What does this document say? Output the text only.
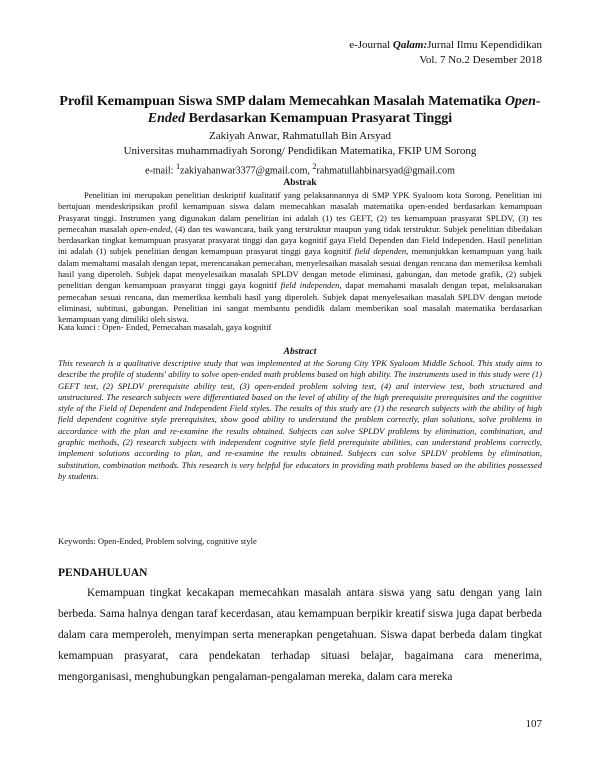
e-Journal Qalam:Jurnal Ilmu Kependidikan
Vol. 7 No.2 Desember 2018
Profil Kemampuan Siswa SMP dalam Memecahkan Masalah Matematika Open-Ended Berdasarkan Kemampuan Prasyarat Tinggi
Zakiyah Anwar, Rahmatullah Bin Arsyad
Universitas muhammadiyah Sorong/ Pendidikan Matematika, FKIP UM Sorong
e-mail: $^1$zakiyahanwar3377@gmail.com, $^2$rahmatullahbinarsyad@gmail.com
Abstrak

Penelitian ini merupakan penelitian deskriptif kualitatif yang pelaksannannya di SMP YPK Syaloom kota Sorong. Penelitian ini bertujuan mendeskripsikan profil kemampuan siswa dalam memecahkan masalah matematika open-ended berdasarkan kemampuan Prasyarat tinggi. Instrumen yang digunakan dalam penelitian ini adalah (1) tes GEFT, (2) tes kemampuan prasyarat SPLDV, (3) tes pemecahan masalah open-ended, (4) dan tes wawancara, baik yang terstruktur maupun yang tidak terstruktur. Subjek penelitian dibedakan berdasarkan tingkat kemampuan prasyarat prasyarat tinggi dan gaya kognitif gaya Field Dependen dan Field Independen. Hasil penelitian ini adalah (1) subjek penelitian dengan kemampuan prasyarat tinggi gaya kognitif field dependen, menunjukkan kemampuan yang baik dalam memahami masalah dengan tepat, merencanakan pemecahan, menyelesaikan masalah sesuai dengan rencana dan memeriksa kembali hasil yang diperoleh. Subjek dapat menyelesaikan masalah SPLDV dengan metode eliminasi, gabungan, dan metode grafik, (2) subjek penelitian dengan kemampuan prasyarat tinggi gaya kognitif field independen, dapat memahami masalah dengan tepat, melaksanakan pemecahan sesuai rencana, dan memeriksa kembali hasil yang diperoleh. Subjek dapat menyelesaikan masalah SPLDV dengan metode eliminasi, subtitusi, gabungan. Penelitian ini sangat membantu pendidik dalam memberikan soal masalah matematika berdasarkan kemampuan yang dimiliki oleh siswa.

Kata kunci : Open- Ended, Pemecahan masalah, gaya kognitif
Abstract

This research is a qualitative descriptive study that was implemented at the Sorong City YPK Syaloom Middle School. This study aims to describe the profile of students' ability to solve open-ended math problems based on high ability. The instruments used in this study were (1) GEFT test, (2) SPLDV prerequisite ability test, (3) open-ended problem solving test, (4) and interview test, both structured and unstructured. The research subjects were differentiated based on the level of ability of the high prerequisite prerequisites and the cognitive style of the Field of Dependent and Independent Field styles. The results of this study are (1) the research subjects with the ability of high field dependent cognitive style prerequisites, show good ability to understand the problem correctly, plan solutions, solve problems in accordance with the plan and re-examine the results obtained. Subjects can solve SPLDV problems by elimination, combination, and graphic methods, (2) research subjects with independent cognitive style field prerequisite abilities, can understand problems correctly, implement solutions according to plan, and re-examine the results obtained. Subjects can solve SPLDV problems by elimination, substitution, combination methods. This research is very helpful for educators in providing math problems based on the abilities possessed by students.

Keywords: Open-Ended, Problem solving, cognitive style
PENDAHULUAN

Kemampuan tingkat kecakapan memecahkan masalah antara siswa yang satu dengan yang lain berbeda. Sama halnya dengan taraf kecerdasan, atau kemampuan berpikir kreatif siswa juga dapat berbeda dalam cara memperoleh, menyimpan serta menerapkan pengetahuan. Siswa dapat berbeda dalam tingkat kemampuan prasyarat, cara pendekatan terhadap situasi belajar, bagaimana cara menerima, mengorganisasi, menghubungkan pengalaman-pengalaman mereka, dalam cara mereka

107
